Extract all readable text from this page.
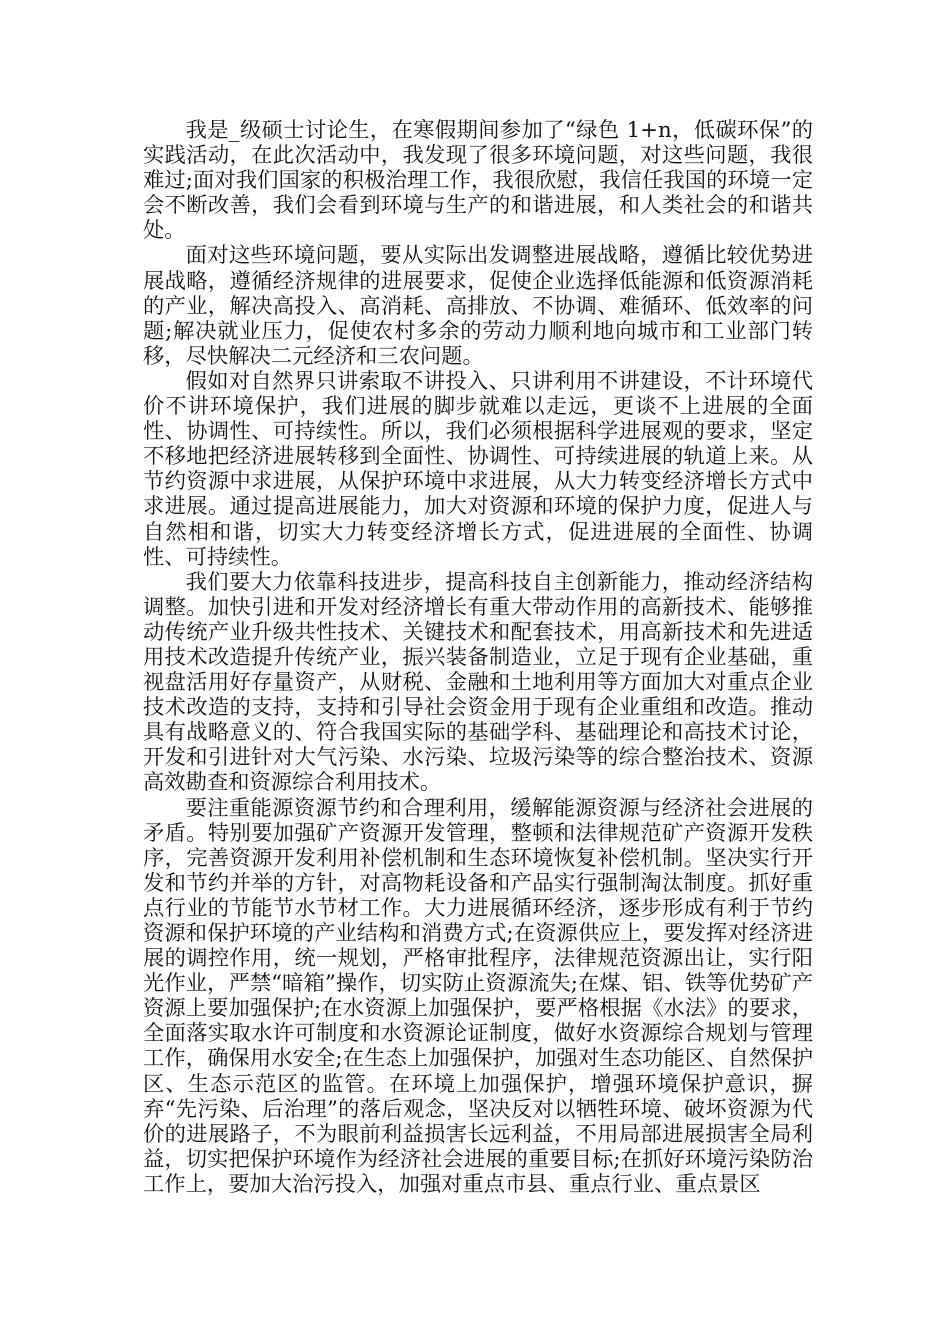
我是_级硕士讨论生，在寒假期间参加了“绿色 1+n，低碳环保”的实践活动，在此次活动中，我发现了很多环境问题，对这些问题，我很难过;面对我们国家的积极治理工作，我很欣慰，我信任我国的环境一定会不断改善，我们会看到环境与生产的和谐进展，和人类社会的和谐共处。

面对这些环境问题，要从实际出发调整进展战略，遵循比较优势进展战略，遵循经济规律的进展要求，促使企业选择低能源和低资源消耗的产业，解决高投入、高消耗、高排放、不协调、难循环、低效率的问题;解决就业压力，促使农村多余的劳动力顺利地向城市和工业部门转移，尽快解决二元经济和三农问题。

假如对自然界只讲索取不讲投入、只讲利用不讲建设，不计环境代价不讲环境保护，我们进展的脚步就难以走远，更谈不上进展的全面性、协调性、可持续性。所以，我们必须根据科学进展观的要求，坚定不移地把经济进展转移到全面性、协调性、可持续进展的轨道上来。从节约资源中求进展，从保护环境中求进展，从大力转变经济增长方式中求进展。通过提高进展能力，加大对资源和环境的保护力度，促进人与自然相和谐，切实大力转变经济增长方式，促进进展的全面性、协调性、可持续性。

我们要大力依靠科技进步，提高科技自主创新能力，推动经济结构调整。加快引进和开发对经济增长有重大带动作用的高新技术、能够推动传统产业升级共性技术、关键技术和配套技术，用高新技术和先进适用技术改造提升传统产业，振兴装备制造业，立足于现有企业基础，重视盘活用好存量资产，从财税、金融和土地利用等方面加大对重点企业技术改造的支持，支持和引导社会资金用于现有企业重组和改造。推动具有战略意义的、符合我国实际的基础学科、基础理论和高技术讨论，开发和引进针对大气污染、水污染、垃圾污染等的综合整治技术、资源高效勘查和资源综合利用技术。

要注重能源资源节约和合理利用，缓解能源资源与经济社会进展的矛盾。特别要加强矿产资源开发管理，整顿和法律规范矿产资源开发秩序，完善资源开发利用补偿机制和生态环境恢复补偿机制。坚决实行开发和节约并举的方针，对高物耗设备和产品实行强制淘汰制度。抓好重点行业的节能节水节材工作。大力进展循环经济，逐步形成有利于节约资源和保护环境的产业结构和消费方式;在资源供应上，要发挥对经济进展的调控作用，统一规划，严格审批程序，法律规范资源出让，实行阳光作业，严禁“暗箱”操作，切实防止资源流失;在煤、铝、铁等优势矿产资源上要加强保护;在水资源上加强保护，要严格根据《水法》的要求，全面落实取水许可制度和水资源论证制度，做好水资源综合规划与管理工作，确保用水安全;在生态上加强保护，加强对生态功能区、自然保护区、生态示范区的监管。在环境上加强保护，增强环境保护意识，摒弃“先污染、后治理”的落后观念，坚决反对以牺牲环境、破坏资源为代价的进展路子，不为眼前利益损害长远利益，不用局部进展损害全局利益，切实把保护环境作为经济社会进展的重要目标;在抓好环境污染防治工作上，要加大治污投入，加强对重点市县、重点行业、重点景区
